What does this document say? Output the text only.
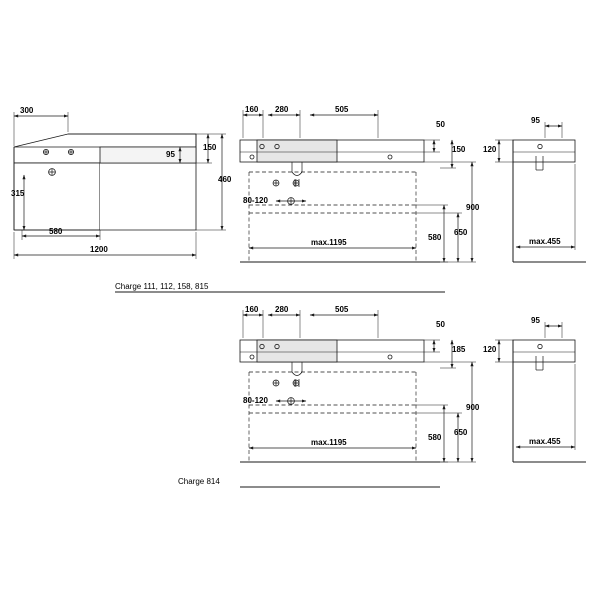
300
95
150
460
315
580
1200
160 280	505
50
150
80-120
max.1195
580
650
900
95
120
max.455
160 280	505
50
185
80-120
max.1195
580
650
900
95
120
max.455
Charge 111, 112, 158, 815
Charge 814
